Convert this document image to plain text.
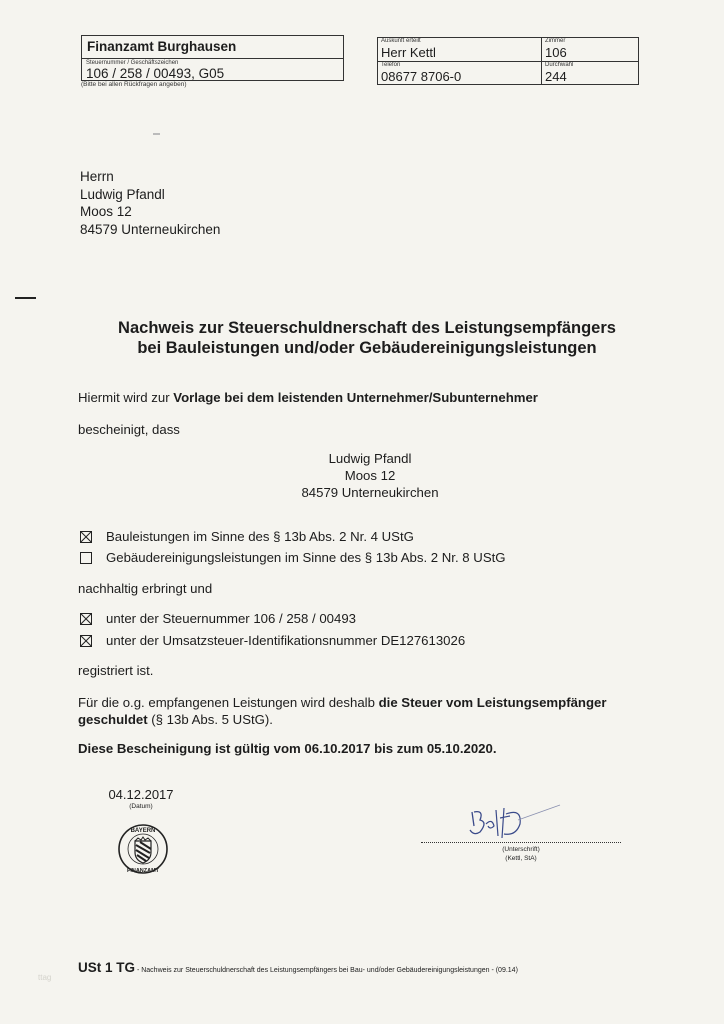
Finanzamt Burghausen
Steuernummer / Geschäftszeichen
106 / 258 / 00493, G05
(Bitte bei allen Rückfragen angeben)
Auskunft erteilt
Herr Kettl
Zimmer
106
Telefon
08677 8706-0
Durchwahl
244
Herrn
Ludwig Pfandl
Moos 12
84579 Unterneukirchen
Nachweis zur Steuerschuldnerschaft des Leistungsempfängers
bei Bauleistungen und/oder Gebäudereinigungsleistungen
Hiermit wird zur Vorlage bei dem leistenden Unternehmer/Subunternehmer
bescheinigt, dass
Ludwig Pfandl
Moos 12
84579 Unterneukirchen
Bauleistungen im Sinne des § 13b Abs. 2 Nr. 4 UStG
Gebäudereinigungsleistungen im Sinne des § 13b Abs. 2 Nr. 8 UStG
nachhaltig erbringt und
unter der Steuernummer 106 / 258 / 00493
unter der Umsatzsteuer-Identifikationsnummer DE127613026
registriert ist.
Für die o.g. empfangenen Leistungen wird deshalb die Steuer vom Leistungsempfänger
geschuldet (§ 13b Abs. 5 UStG).
Diese Bescheinigung ist gültig vom 06.10.2017 bis zum 05.10.2020.
04.12.2017
(Datum)
BAYERN
FINANZAMT
(Unterschrift)
(Kettl, StA)
USt 1 TG - Nachweis zur Steuerschuldnerschaft des Leistungsempfängers bei Bau- und/oder Gebäudereinigungsleistungen - (09.14)
ttag
